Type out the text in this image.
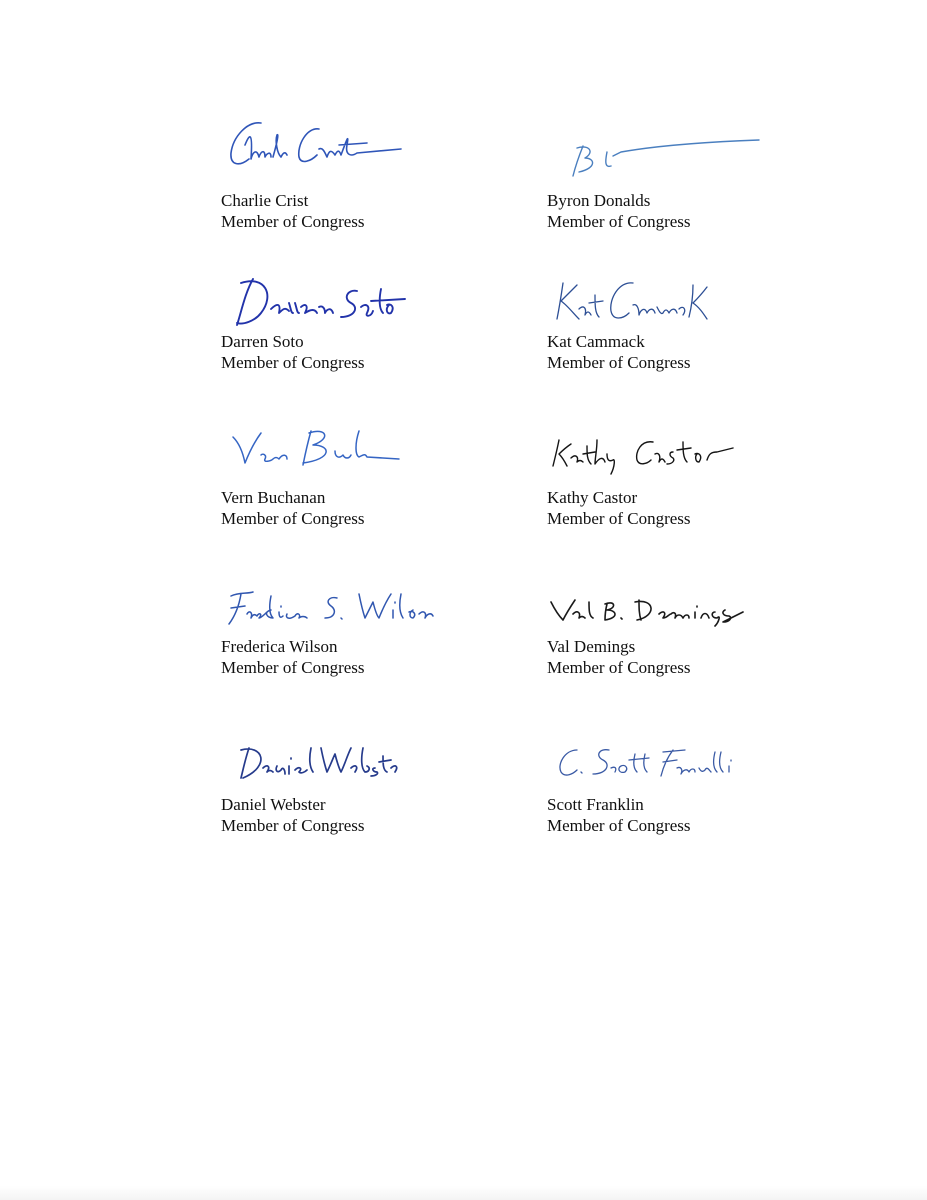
Charlie Crist
Member of Congress
Byron Donalds
Member of Congress
Darren Soto
Member of Congress
Kat Cammack
Member of Congress
Vern Buchanan
Member of Congress
Kathy Castor
Member of Congress
Frederica Wilson
Member of Congress
Val Demings
Member of Congress
Daniel Webster
Member of Congress
Scott Franklin
Member of Congress
